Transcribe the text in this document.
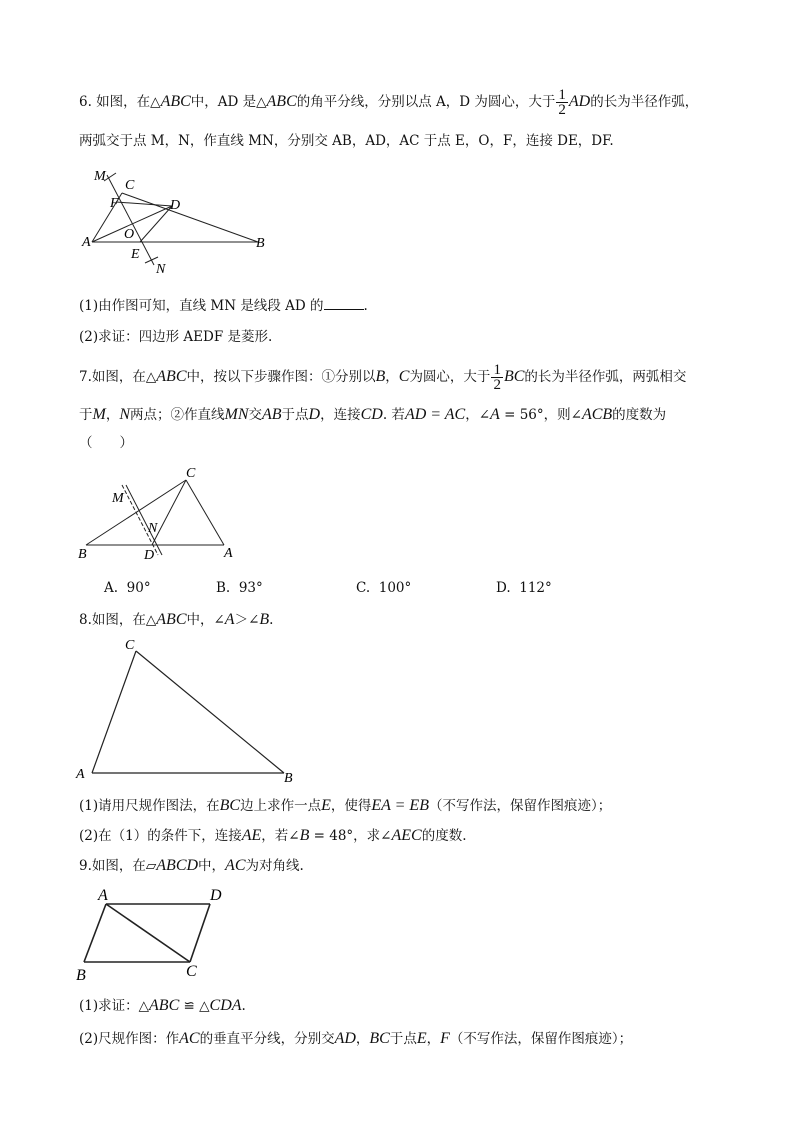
6. 如图，在△ABC中，AD 是△ABC的角平分线，分别以点 A，D 为圆心，大于 $\frac{1}{2}$ AD的长为半径作弧，
两弧交于点 M，N，作直线 MN，分别交 AB，AD，AC 于点 E，O，F，连接 DE，DF.
M
C
F	D
A
O
B
E
N
(1)由作图可知，直线 MN 是线段 AD 的	.
(2)求证：四边形 AEDF 是菱形.
7.如图，在△ABC中，按以下步骤作图：①分别以B，C为圆心，大于 $\frac{1}{2}$ BC的长为半径作弧，两弧相交
于M，N两点；②作直线MN交AB于点D，连接CD. 若AD = AC，∠A = 56°，则∠ACB的度数为
（　　）
C
M
N
B	D	A
A. 90°	B. 93°	C. 100°	D. 112°
8.如图，在△ABC中，∠A＞∠B.
C
A	B
(1)请用尺规作图法，在BC边上求作一点E，使得EA = EB（不写作法，保留作图痕迹）；
(2)在（1）的条件下，连接AE，若∠B = 48°，求∠AEC的度数.
9.如图，在▱ABCD中，AC为对角线.
A	D
B	C
(1)求证：△ABC ≌ △CDA.
(2)尺规作图：作AC的垂直平分线，分别交AD，BC于点E，F（不写作法，保留作图痕迹）；
